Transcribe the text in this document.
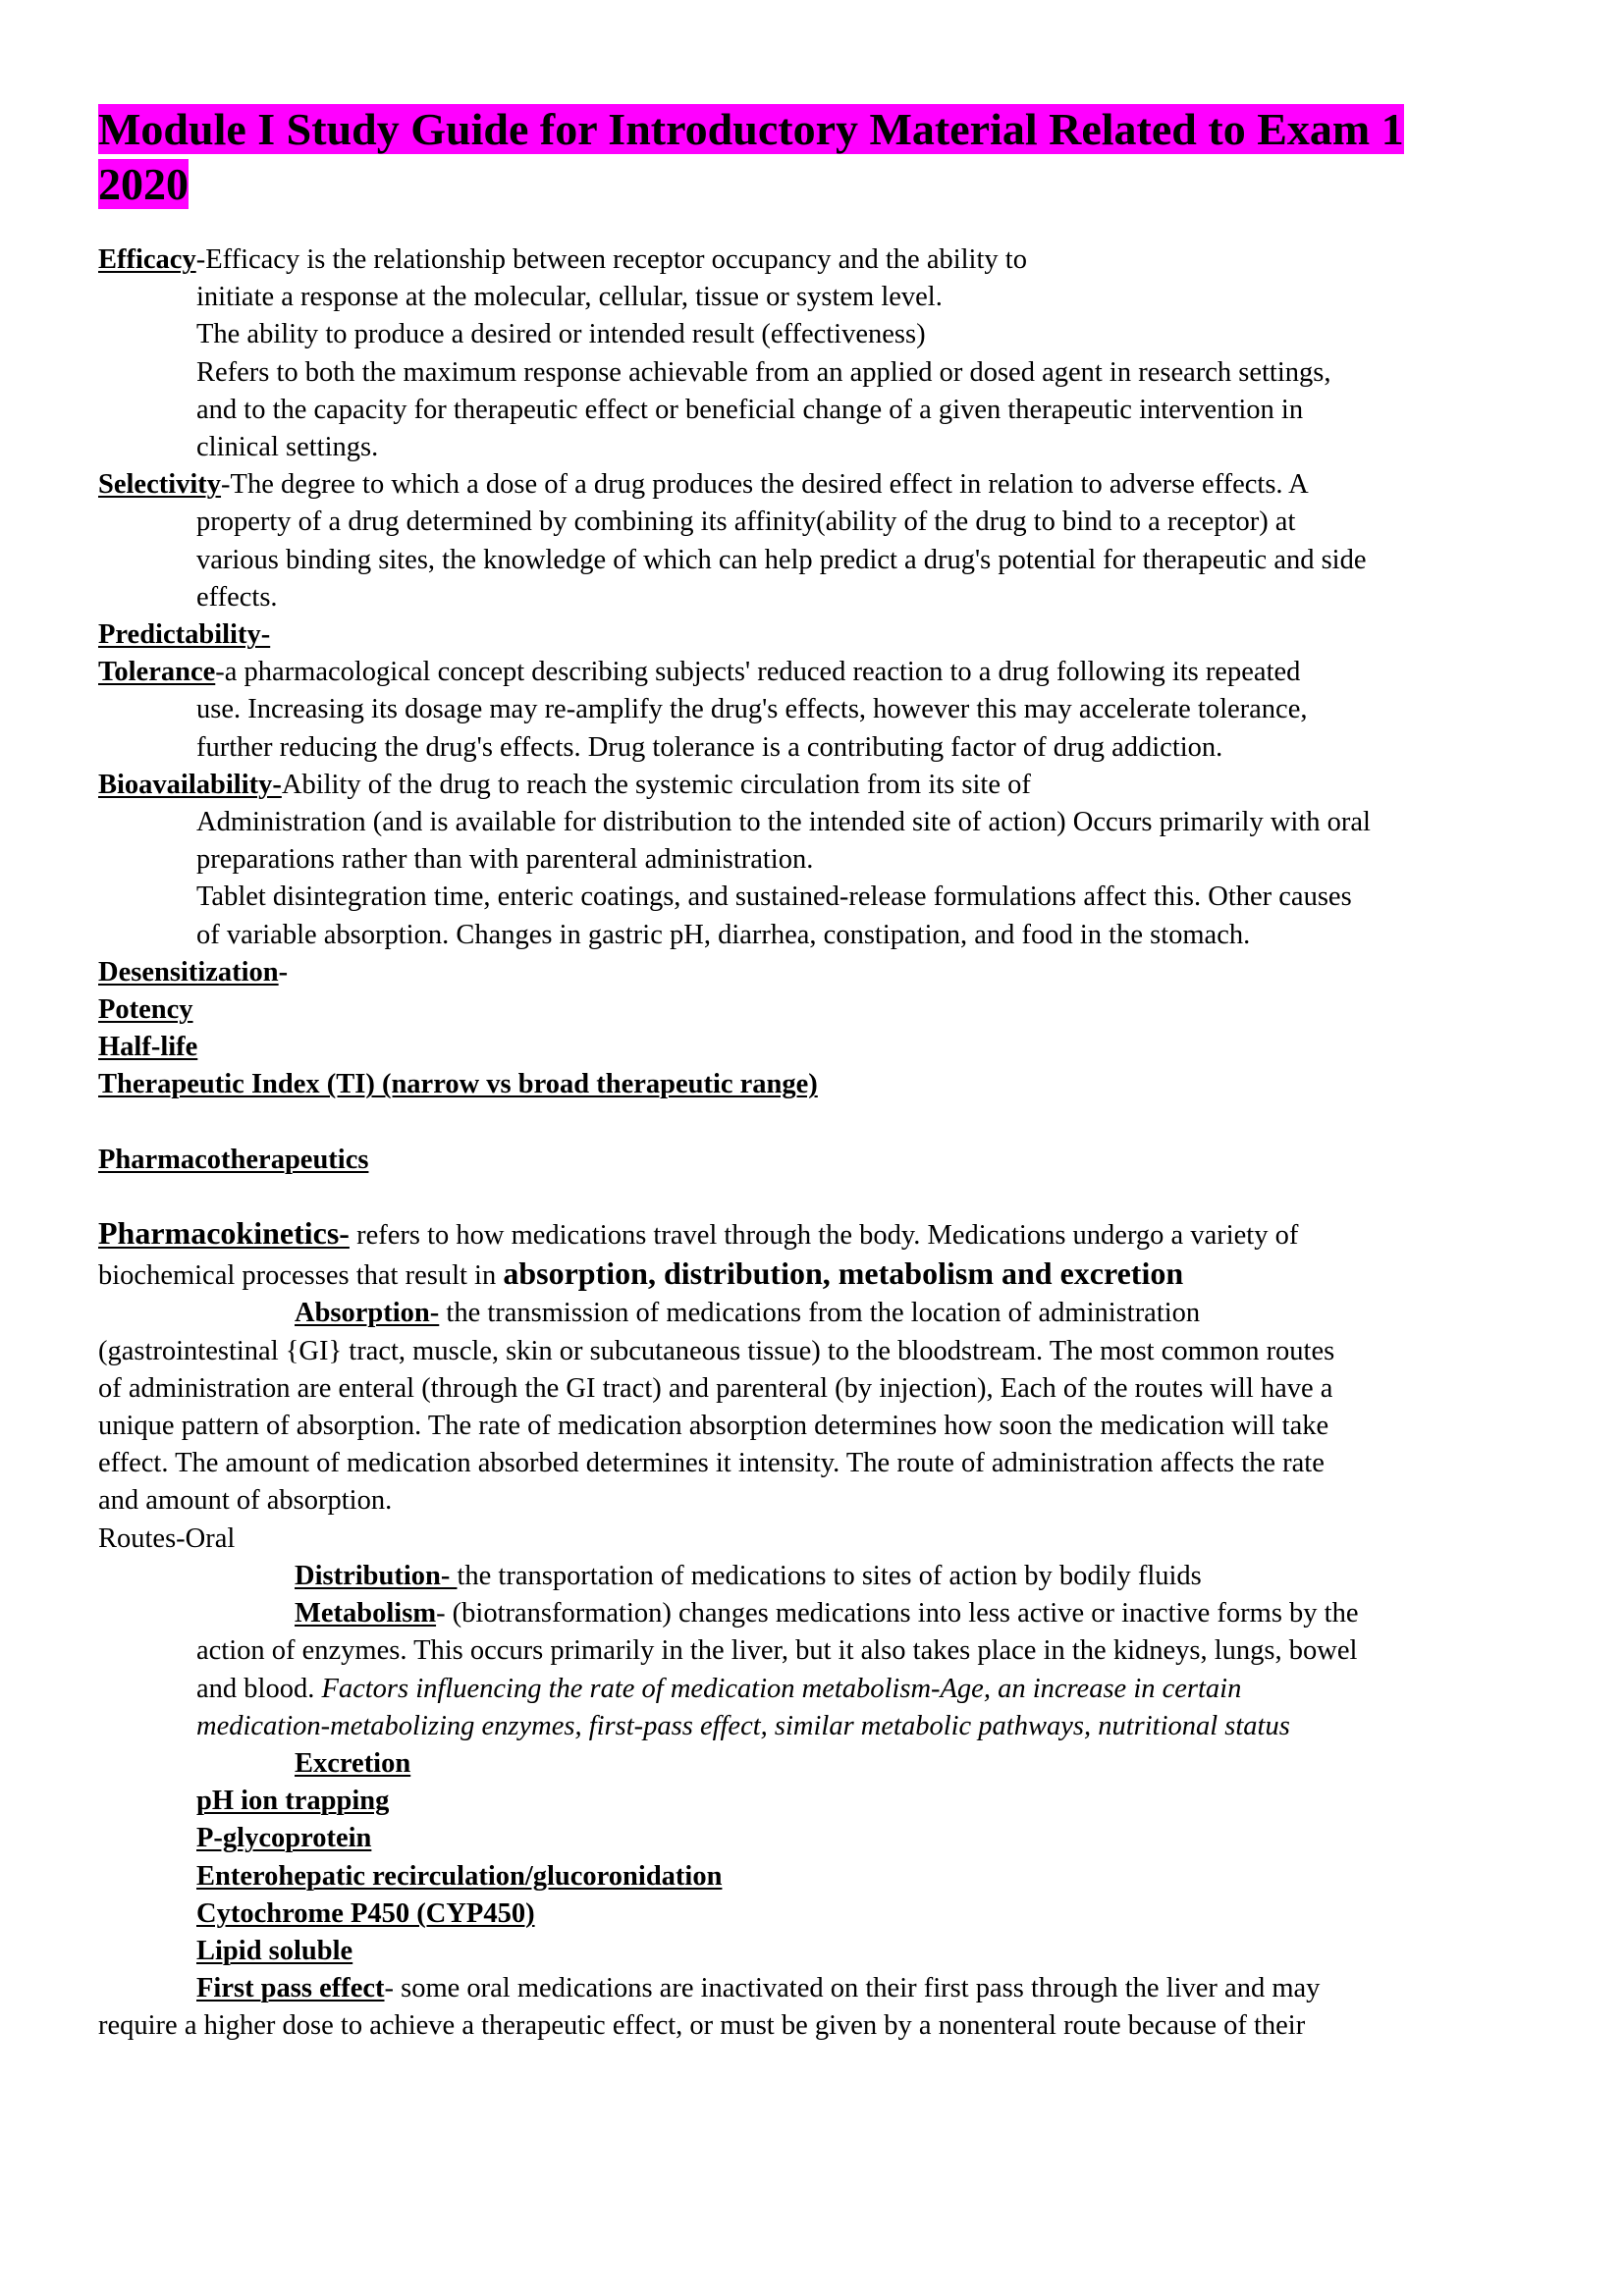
Module I Study Guide for Introductory Material Related to Exam 1
2020

Efficacy-Efficacy is the relationship between receptor occupancy and the ability to

initiate a response at the molecular, cellular, tissue or system level.

The ability to produce a desired or intended result (effectiveness)

Refers to both the maximum response achievable from an applied or dosed agent in research settings,

and to the capacity for therapeutic effect or beneficial change of a given therapeutic intervention in

clinical settings.

Selectivity-The degree to which a dose of a drug produces the desired effect in relation to adverse effects. A

property of a drug determined by combining its affinity(ability of the drug to bind to a receptor) at

various binding sites, the knowledge of which can help predict a drug's potential for therapeutic and side

effects.

Predictability-

Tolerance-a pharmacological concept describing subjects' reduced reaction to a drug following its repeated

use. Increasing its dosage may re-amplify the drug's effects, however this may accelerate tolerance,

further reducing the drug's effects. Drug tolerance is a contributing factor of drug addiction.

Bioavailability-Ability of the drug to reach the systemic circulation from its site of

Administration (and is available for distribution to the intended site of action) Occurs primarily with oral

preparations rather than with parenteral administration.

Tablet disintegration time, enteric coatings, and sustained-release formulations affect this. Other causes

of variable absorption. Changes in gastric pH, diarrhea, constipation, and food in the stomach.

Desensitization-

Potency

Half-life

Therapeutic Index (TI) (narrow vs broad therapeutic range)

Pharmacotherapeutics

Pharmacokinetics- refers to how medications travel through the body. Medications undergo a variety of

biochemical processes that result in absorption, distribution, metabolism and excretion

Absorption- the transmission of medications from the location of administration

(gastrointestinal {GI} tract, muscle, skin or subcutaneous tissue) to the bloodstream. The most common routes

of administration are enteral (through the GI tract) and parenteral (by injection), Each of the routes will have a

unique pattern of absorption. The rate of medication absorption determines how soon the medication will take

effect. The amount of medication absorbed determines it intensity. The route of administration affects the rate

and amount of absorption.

Routes-Oral

Distribution- the transportation of medications to sites of action by bodily fluids

Metabolism- (biotransformation) changes medications into less active or inactive forms by the

action of enzymes. This occurs primarily in the liver, but it also takes place in the kidneys, lungs, bowel

and blood. Factors influencing the rate of medication metabolism-Age, an increase in certain

medication-metabolizing enzymes, first-pass effect, similar metabolic pathways, nutritional status

Excretion

pH ion trapping

P-glycoprotein

Enterohepatic recirculation/glucoronidation

Cytochrome P450 (CYP450)

Lipid soluble

First pass effect- some oral medications are inactivated on their first pass through the liver and may

require a higher dose to achieve a therapeutic effect, or must be given by a nonenteral route because of their
